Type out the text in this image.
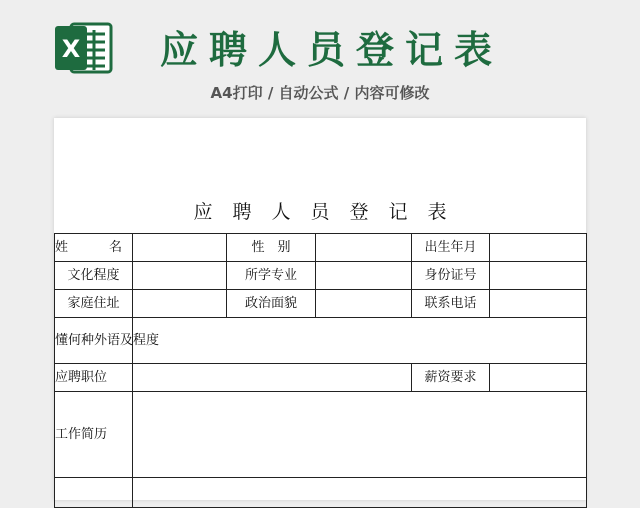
X 应聘人员登记表
A4打印 / 自动公式 / 内容可修改
应聘人员登记表
姓　名		性　别		出生年月	
文化程度		所学专业		身份证号	
家庭住址		政治面貌		联系电话	
懂何种外语及程度					
应聘职位				薪资要求	
工作简历					
